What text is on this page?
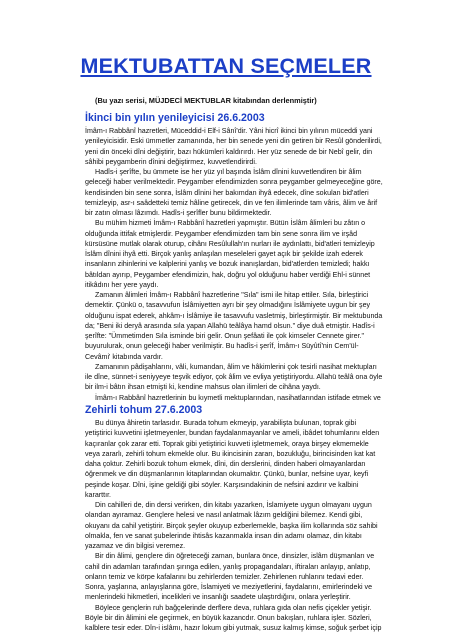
MEKTUBATTAN SEÇMELER
(Bu yazı serisi, MÜJDECİ MEKTUBLAR kitabından derlenmiştir)
İkinci bin yılın yenileyicisi 26.6.2003

İmâm-ı Rabbânî hazretleri, Müceddid-i Elf-i Sânî'dir. Yâni hicrî ikinci bin yılının müceddi yani yenileyicisidir. Eski ümmetler zamanında, her bin senede yeni din getiren bir Resûl gönderilirdi, yeni din önceki dîni değiştirir, bazı hükümleri kaldırırdı. Her yüz senede de bir Nebî gelir, din sâhibi peygamberin dînini değiştirmez, kuvvetlendirirdi.

Hadîs-i şerîfte, bu ümmete ise her yüz yıl başında İslâm dînini kuvvetlendiren bir âlim geleceği haber verilmektedir. Peygamber efendimizden sonra peygamber gelmeyeceğine göre, kendisinden bin sene sonra, İslâm dînini her bakımdan ihyâ edecek, dîne sokulan bid'atleri temizleyip, asr-ı saâdetteki temiz hâline getirecek, din ve fen ilimlerinde tam vâris, âlim ve ârif bir zatın olması lâzımdı. Hadîs-i şerîfler bunu bildirmektedir.

Bu mühim hizmeti İmâm-ı Rabbânî hazretleri yapmıştır. Bütün İslâm âlimleri bu zâtın o olduğunda ittifak etmişlerdir. Peygamber efendimizden tam bin sene sonra ilim ve irşâd kürsüsüne mutlak olarak oturup, cihânı Resûlullah'ın nurları ile aydınlattı, bid'atleri temizleyip İslâm dînini ihyâ etti. Birçok yanlış anlaşılan meseleleri gayet açık bir şekilde izah ederek insanların zihinlerini ve kalplerini yanlış ve bozuk inanışlardan, bid'atlerden temizledi; hakkı bâtıldan ayırıp, Peygamber efendimizin, hak, doğru yol olduğunu haber verdiği Ehl-i sünnet itikâdını her yere yaydı.

Zamanın âlimleri İmâm-ı Rabbânî hazretlerine "Sıla" ismi ile hitap ettiler. Sıla, birleştirici demektir. Çünkü o, tasavvufun İslâmiyetten ayrı bir şey olmadığını İslâmiyete uygun bir şey olduğunu ispat ederek, ahkâm-ı İslâmiye ile tasavvufu vasletmiş, birleştirmiştir. Bir mektubunda da; "Beni iki deryâ arasında sıla yapan Allahü teâlâya hamd olsun." diye duâ etmiştir. Hadîs-i şerîfte: "Ümmetimden Sıla isminde biri gelir. Onun şefâati ile çok kimseler Cennete girer." buyurulurak, onun geleceği haber verilmiştir. Bu hadîs-i şerîf, İmâm-ı Süyûtî'nin Cem'ül-Cevâmi' kitabında vardır.

Zamanının pâdişahlarını, vâli, kumandan, âlim ve hâkimlerini çok tesirli nasihat mektupları ile dîne, sünnet-i seniyyeye teşvik ediyor, çok âlim ve evliya yetiştiriyordu. Allahü teâlâ ona öyle bir ilm-i bâtın ihsan etmişti ki, kendine mahsus olan ilimleri de cihâna yaydı.

İmâm-ı Rabbânî hazretlerinin bu kıymetli mektuplarından, nasihatlarından istifade etmek ve

Zehirli tohum 27.6.2003

Bu dünya âhiretin tarlasıdır. Burada tohum ekmeyip, yarabilişta bulunan, toprak gibi yetiştirici kuvvetini işletmeyenler, bundan faydalanmayanlar ve ameli, ibâdet tohumlarını elden kaçıranlar çok zarar etti. Toprak gibi yetiştirici kuvveti işletmemek, oraya birşey ekmemekle veya zararlı, zehirli tohum ekmekle olur. Bu ikincisinin zararı, bozukluğu, birincisinden kat kat daha çoktur. Zehirli bozuk tohum ekmek, dîni, din derslerini, dinden haberi olmayanlardan öğrenmek ve din düşmanlarının kitaplarından okumaktır. Çünkü, bunlar, nefsine uyar, keyfi peşinde koşar. Dîni, işine geldiği gibi söyler. Karşısındakinin de nefsini azdırır ve kalbini kararttır.

Din cahilleri de, din dersi verirken, din kitabı yazarken, İslamiyete uygun olmayanı uygun olandan ayıramaz. Gençlere helesi ve nasıl anlatmak lâzım geldiğini bilemez. Kendi gibi, okuyanı da cahil yetiştirir. Birçok şeyler okuyup ezberlemekle, başka ilim kollarında söz sahibi olmakla, fen ve sanat şubelerinde ihtisâs kazanmakla insan din adamı olamaz, din kitabı yazamaz ve din bilgisi veremez.

Bir din âlimi, gençlere din öğreteceği zaman, bunlara önce, dinsizler, islâm düşmanları ve cahil din adamları tarafından şırınga edilen, yanlış propagandaları, iftiraları anlayıp, anlatıp, onların temiz ve körpe kafalarını bu zehirlerden temizler. Zehirlenen ruhlarını tedavi eder. Sonra, yaşlarına, anlayışlarına göre, İslamiyeti ve meziyetlerini, faydalarını, emirlerindeki ve menlerindeki hikmetleri, incelikleri ve insanlığı saadete ulaştırdığını, onlara yerleştirir.

Böylece gençlerin ruh bağçelerinde derflere deva, ruhlara gıda olan nefis çiçekler yetişir. Böyle bir din âlimini ele geçirmek, en büyük kazancdır. Onun bakışları, ruhlara işler. Sözleri, kalblere tesir eder. Dîn-i islâmı, hazır lokum gibi yutmak, susuz kalmış kimse, soğuk şerbet içip
